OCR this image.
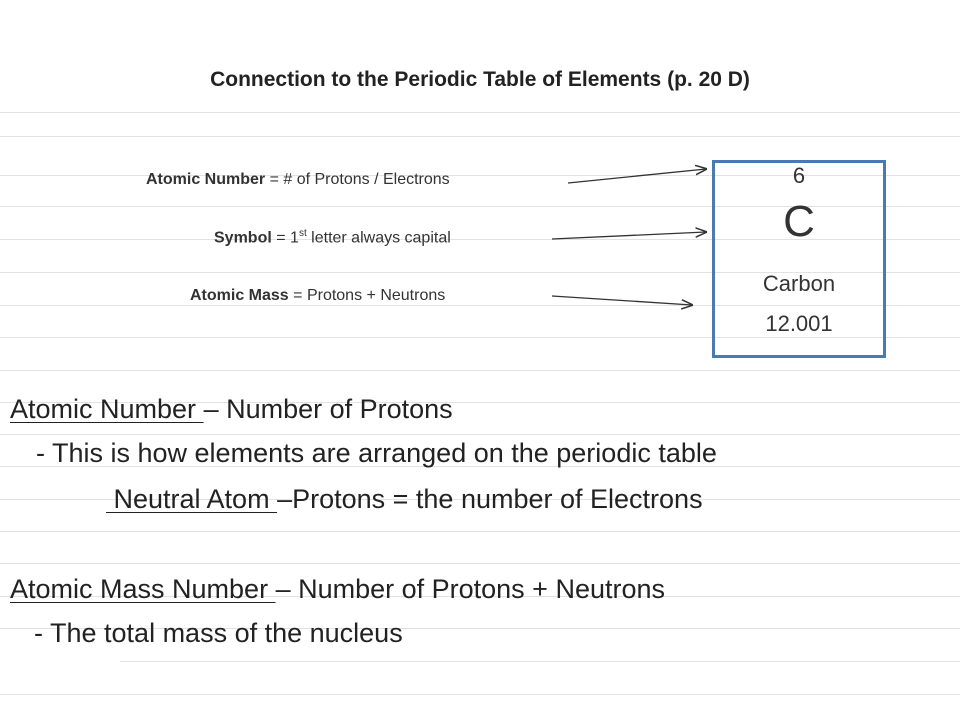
Connection to the Periodic Table of Elements (p. 20 D)
Atomic Number = # of Protons / Electrons
Symbol = 1st letter always capital
Atomic Mass = Protons + Neutrons
6
C
Carbon
12.001
Atomic Number – Number of Protons
- This is how elements are arranged on the periodic table
Neutral Atom –Protons = the number of Electrons
Atomic Mass Number – Number of Protons + Neutrons
- The total mass of the nucleus
